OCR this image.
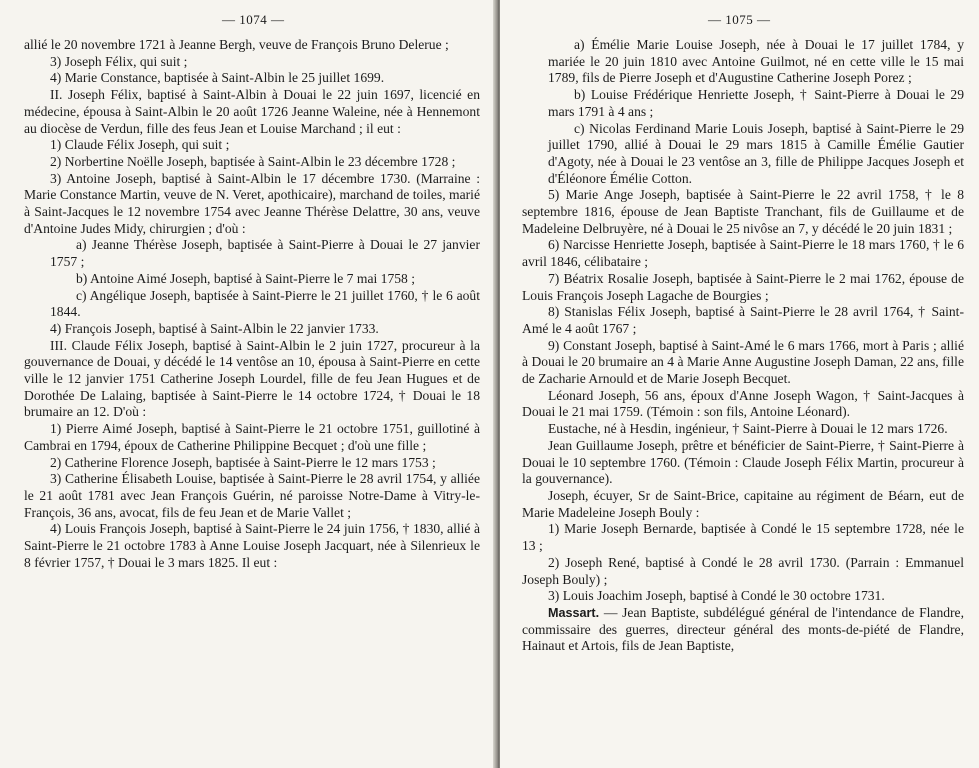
— 1074 —

allié le 20 novembre 1721 à Jeanne Bergh, veuve de François Bruno Delerue ;

3) Joseph Félix, qui suit ;

4) Marie Constance, baptisée à Saint-Albin le 25 juillet 1699.

II. Joseph Félix, baptisé à Saint-Albin à Douai le 22 juin 1697, licencié en médecine, épousa à Saint-Albin le 20 août 1726 Jeanne Waleine, née à Hennemont au diocèse de Verdun, fille des feus Jean et Louise Marchand ; il eut :

1) Claude Félix Joseph, qui suit ;

2) Norbertine Noëlle Joseph, baptisée à Saint-Albin le 23 décembre 1728 ;

3) Antoine Joseph, baptisé à Saint-Albin le 17 décembre 1730. (Marraine : Marie Constance Martin, veuve de N. Veret, apothicaire), marchand de toiles, marié à Saint-Jacques le 12 novembre 1754 avec Jeanne Thérèse Delattre, 30 ans, veuve d'Antoine Judes Midy, chirurgien ; d'où :

a) Jeanne Thérèse Joseph, baptisée à Saint-Pierre à Douai le 27 janvier 1757 ;

b) Antoine Aimé Joseph, baptisé à Saint-Pierre le 7 mai 1758 ;

c) Angélique Joseph, baptisée à Saint-Pierre le 21 juillet 1760, † le 6 août 1844.

4) François Joseph, baptisé à Saint-Albin le 22 janvier 1733.

III. Claude Félix Joseph, baptisé à Saint-Albin le 2 juin 1727, procureur à la gouvernance de Douai, y décédé le 14 ventôse an 10, épousa à Saint-Pierre en cette ville le 12 janvier 1751 Catherine Joseph Lourdel, fille de feu Jean Hugues et de Dorothée De Lalaing, baptisée à Saint-Pierre le 14 octobre 1724, † Douai le 18 brumaire an 12. D'où :

1) Pierre Aimé Joseph, baptisé à Saint-Pierre le 21 octobre 1751, guillotiné à Cambrai en 1794, époux de Catherine Philippine Becquet ; d'où une fille ;

2) Catherine Florence Joseph, baptisée à Saint-Pierre le 12 mars 1753 ;

3) Catherine Élisabeth Louise, baptisée à Saint-Pierre le 28 avril 1754, y alliée le 21 août 1781 avec Jean François Guérin, né paroisse Notre-Dame à Vitry-le-François, 36 ans, avocat, fils de feu Jean et de Marie Vallet ;

4) Louis François Joseph, baptisé à Saint-Pierre le 24 juin 1756, † 1830, allié à Saint-Pierre le 21 octobre 1783 à Anne Louise Joseph Jacquart, née à Silenrieux le 8 février 1757, † Douai le 3 mars 1825. Il eut :

— 1075 —

a) Émélie Marie Louise Joseph, née à Douai le 17 juillet 1784, y mariée le 20 juin 1810 avec Antoine Guilmot, né en cette ville le 15 mai 1789, fils de Pierre Joseph et d'Augustine Catherine Joseph Porez ;

b) Louise Frédérique Henriette Joseph, † Saint-Pierre à Douai le 29 mars 1791 à 4 ans ;

c) Nicolas Ferdinand Marie Louis Joseph, baptisé à Saint-Pierre le 29 juillet 1790, allié à Douai le 29 mars 1815 à Camille Émélie Gautier d'Agoty, née à Douai le 23 ventôse an 3, fille de Philippe Jacques Joseph et d'Éléonore Émélie Cotton.

5) Marie Ange Joseph, baptisée à Saint-Pierre le 22 avril 1758, † le 8 septembre 1816, épouse de Jean Baptiste Tranchant, fils de Guillaume et de Madeleine Delbruyère, né à Douai le 25 nivôse an 7, y décédé le 20 juin 1831 ;

6) Narcisse Henriette Joseph, baptisée à Saint-Pierre le 18 mars 1760, † le 6 avril 1846, célibataire ;

7) Béatrix Rosalie Joseph, baptisée à Saint-Pierre le 2 mai 1762, épouse de Louis François Joseph Lagache de Bourgies ;

8) Stanislas Félix Joseph, baptisé à Saint-Pierre le 28 avril 1764, † Saint-Amé le 4 août 1767 ;

9) Constant Joseph, baptisé à Saint-Amé le 6 mars 1766, mort à Paris ; allié à Douai le 20 brumaire an 4 à Marie Anne Augustine Joseph Daman, 22 ans, fille de Zacharie Arnould et de Marie Joseph Becquet.

Léonard Joseph, 56 ans, époux d'Anne Joseph Wagon, † Saint-Jacques à Douai le 21 mai 1759. (Témoin : son fils, Antoine Léonard).

Eustache, né à Hesdin, ingénieur, † Saint-Pierre à Douai le 12 mars 1726.

Jean Guillaume Joseph, prêtre et bénéficier de Saint-Pierre, † Saint-Pierre à Douai le 10 septembre 1760. (Témoin : Claude Joseph Félix Martin, procureur à la gouvernance).

Joseph, écuyer, Sr de Saint-Brice, capitaine au régiment de Béarn, eut de Marie Madeleine Joseph Bouly :

1) Marie Joseph Bernarde, baptisée à Condé le 15 septembre 1728, née le 13 ;

2) Joseph René, baptisé à Condé le 28 avril 1730. (Parrain : Emmanuel Joseph Bouly) ;

3) Louis Joachim Joseph, baptisé à Condé le 30 octobre 1731.

Massart. — Jean Baptiste, subdélégué général de l'intendance de Flandre, commissaire des guerres, directeur général des monts-de-piété de Flandre, Hainaut et Artois, fils de Jean Baptiste,
